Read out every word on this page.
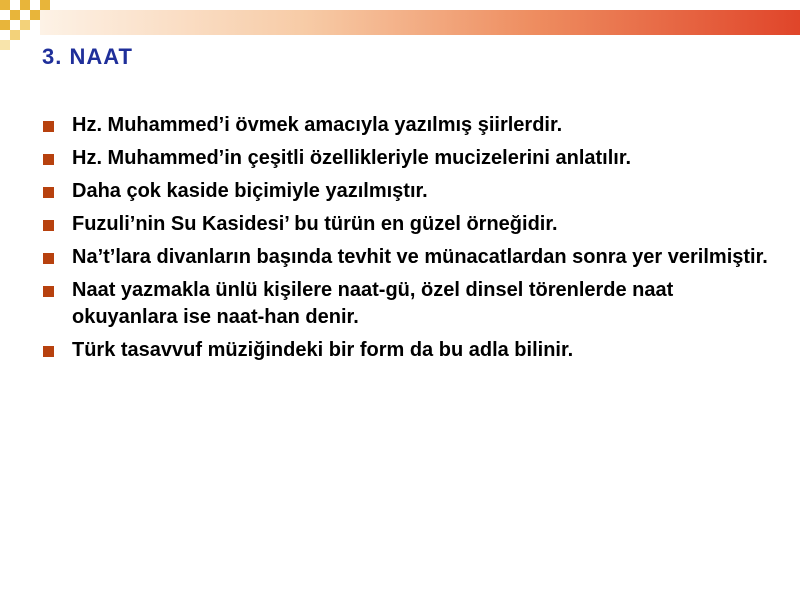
3. NAAT
Hz. Muhammed’i övmek amacıyla yazılmış şiirlerdir.
Hz. Muhammed’in çeşitli özellikleriyle mucizelerini anlatılır.
Daha çok kaside biçimiyle yazılmıştır.
Fuzuli’nin Su Kasidesi’ bu türün en güzel örneğidir.
Na’t’lara divanların başında tevhit ve münacatlardan sonra yer verilmiştir.
Naat yazmakla ünlü kişilere naat-gü, özel dinsel törenlerde naat okuyanlara ise naat-han denir.
Türk tasavvuf müziğindeki bir form da bu adla bilinir.
